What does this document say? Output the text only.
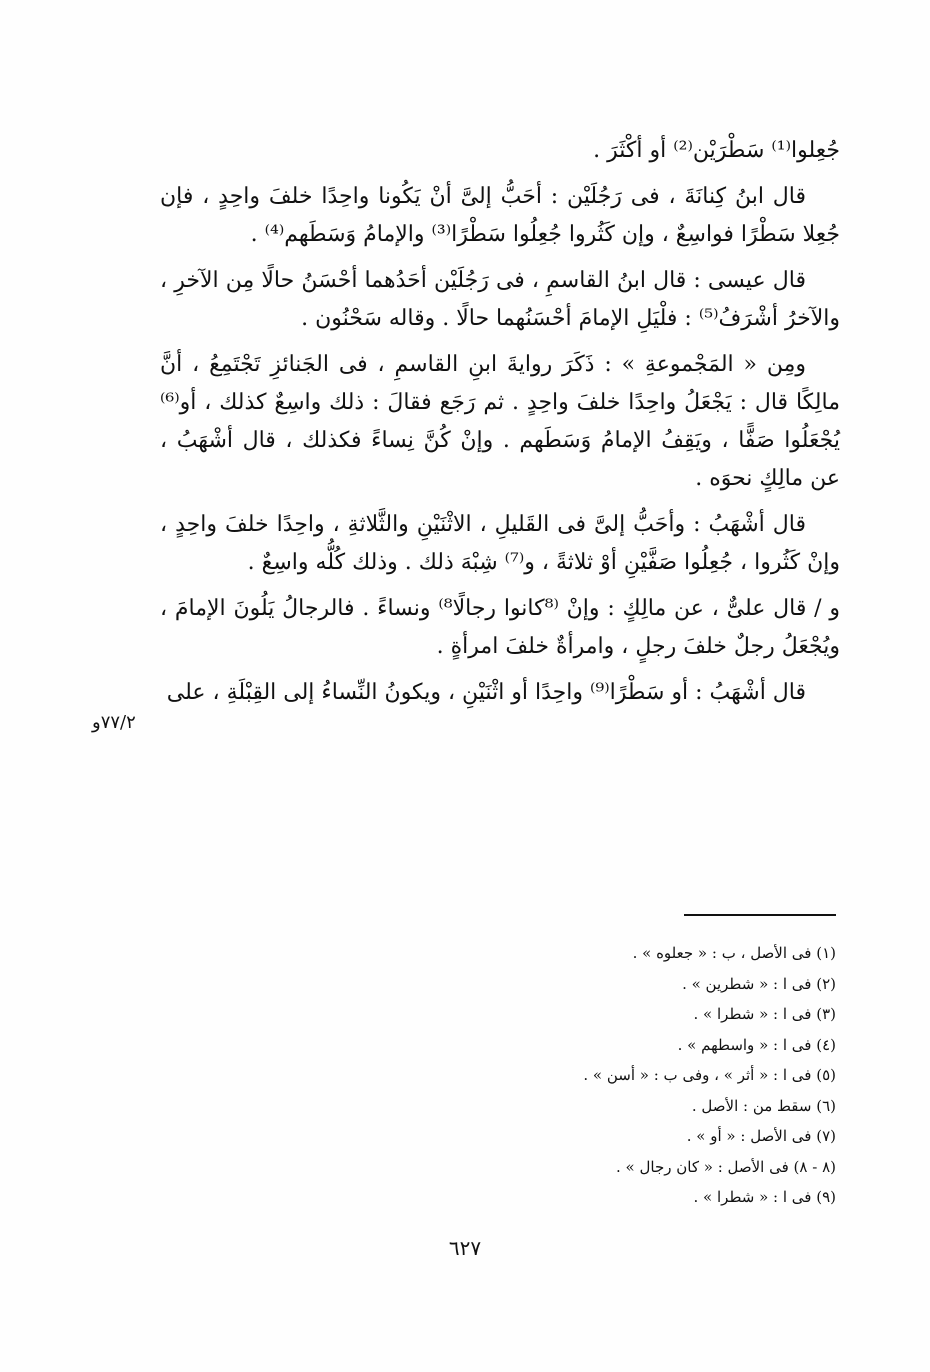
جُعِلوا⁽¹⁾ سَطْرَيْن⁽²⁾ أو أكْثَرَ .

قال ابنُ كِنانَةَ ، فى رَجُلَيْن : أحَبُّ إلىَّ أنْ يَكُونا واحِدًا خلفَ واحِدٍ ، فإن جُعِلا سَطْرًا فواسِعٌ ، وإن كَثُروا جُعِلُوا سَطْرًا⁽³⁾ والإمامُ وَسَطَهم⁽⁴⁾ .

قال عيسى : قال ابنُ القاسمِ ، فى رَجُلَيْن أحَدُهما أحْسَنُ حالًا مِن الآخرِ ، والآخرُ أشْرَفُ⁽⁵⁾ : فلْيَلِ الإمامَ أحْسَنُهما حالًا . وقاله سَحْنُون .

ومِن « المَجْموعةِ » : ذَكَرَ روايةَ ابنِ القاسمِ ، فى الجَنائزِ تَجْتَمِعُ ، أنَّ مالِكًا قال : يَجْعَلُ واحِدًا خلفَ واحِدٍ . ثم رَجَع فقالَ : ذلك واسِعٌ كذلك ، أو⁽⁶⁾ يُجْعَلُوا صَفًّا ، ويَقِفُ الإمامُ وَسَطَهم . وإنْ كُنَّ نِساءً فكذلك ، قال أشْهَبُ ، عن مالِكٍ نحوَه .

قال أشْهَبُ : وأحَبُّ إلىَّ فى القَليلِ ، الاثْنَيْنِ والثَّلاثةِ ، واحِدًا خلفَ واحِدٍ ، وإنْ كَثُروا ، جُعِلُوا صَفَّيْنِ أوْ ثلاثةً ، و⁽⁷⁾ شِبْهَ ذلك . وذلك كُلُّه واسِعٌ .

و / قال علىٌّ ، عن مالِكٍ : وإنْ ⁽⁸كانوا رجالًا⁸⁾ ونساءً . فالرجالُ يَلُونَ الإمامَ ، ويُجْعَلُ رجلٌ خلفَ رجلٍ ، وامرأةٌ خلفَ امرأةٍ .

قال أشْهَبُ : أو سَطْرًا⁽⁹⁾ واحِدًا أو اثْنَيْنِ ، ويكونُ النِّساءُ إلى القِبْلَةِ ، على

٧٧/٢و
(١) فى الأصل ، ب : « جعلوه » .
(٢) فى ا : « شطرين » .
(٣) فى ا : « شطرا » .
(٤) فى ا : « واسطهم » .
(٥) فى ا : « أثر » ، وفى ب : « أسن » .
(٦) سقط من : الأصل .
(٧) فى الأصل : « أو » .
(٨ - ٨) فى الأصل : « كان رجال » .
(٩) فى ا : « شطرا » .
٦٢٧
